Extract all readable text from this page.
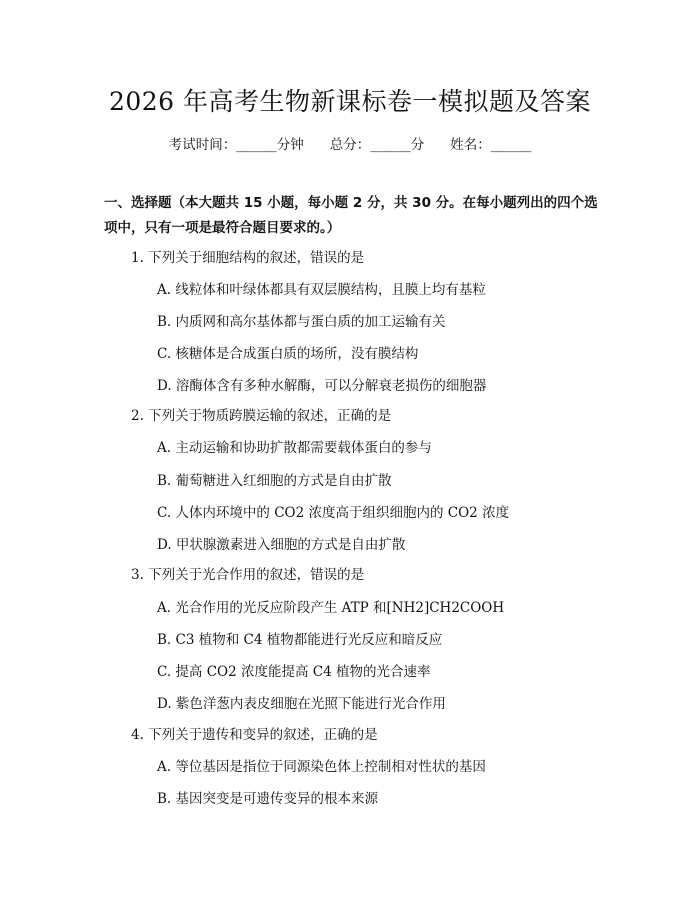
2026 年高考生物新课标卷一模拟题及答案
考试时间：______分钟 总分：______分 姓名：______
一、选择题（本大题共 15 小题，每小题 2 分，共 30 分。在每小题列出的四个选
项中，只有一项是最符合题目要求的。）
1. 下列关于细胞结构的叙述，错误的是
A. 线粒体和叶绿体都具有双层膜结构，且膜上均有基粒
B. 内质网和高尔基体都与蛋白质的加工运输有关
C. 核糖体是合成蛋白质的场所，没有膜结构
D. 溶酶体含有多种水解酶，可以分解衰老损伤的细胞器
2. 下列关于物质跨膜运输的叙述，正确的是
A. 主动运输和协助扩散都需要载体蛋白的参与
B. 葡萄糖进入红细胞的方式是自由扩散
C. 人体内环境中的 CO2 浓度高于组织细胞内的 CO2 浓度
D. 甲状腺激素进入细胞的方式是自由扩散
3. 下列关于光合作用的叙述，错误的是
A. 光合作用的光反应阶段产生 ATP 和[NH2]CH2COOH
B. C3 植物和 C4 植物都能进行光反应和暗反应
C. 提高 CO2 浓度能提高 C4 植物的光合速率
D. 紫色洋葱内表皮细胞在光照下能进行光合作用
4. 下列关于遗传和变异的叙述，正确的是
A. 等位基因是指位于同源染色体上控制相对性状的基因
B. 基因突变是可遗传变异的根本来源
